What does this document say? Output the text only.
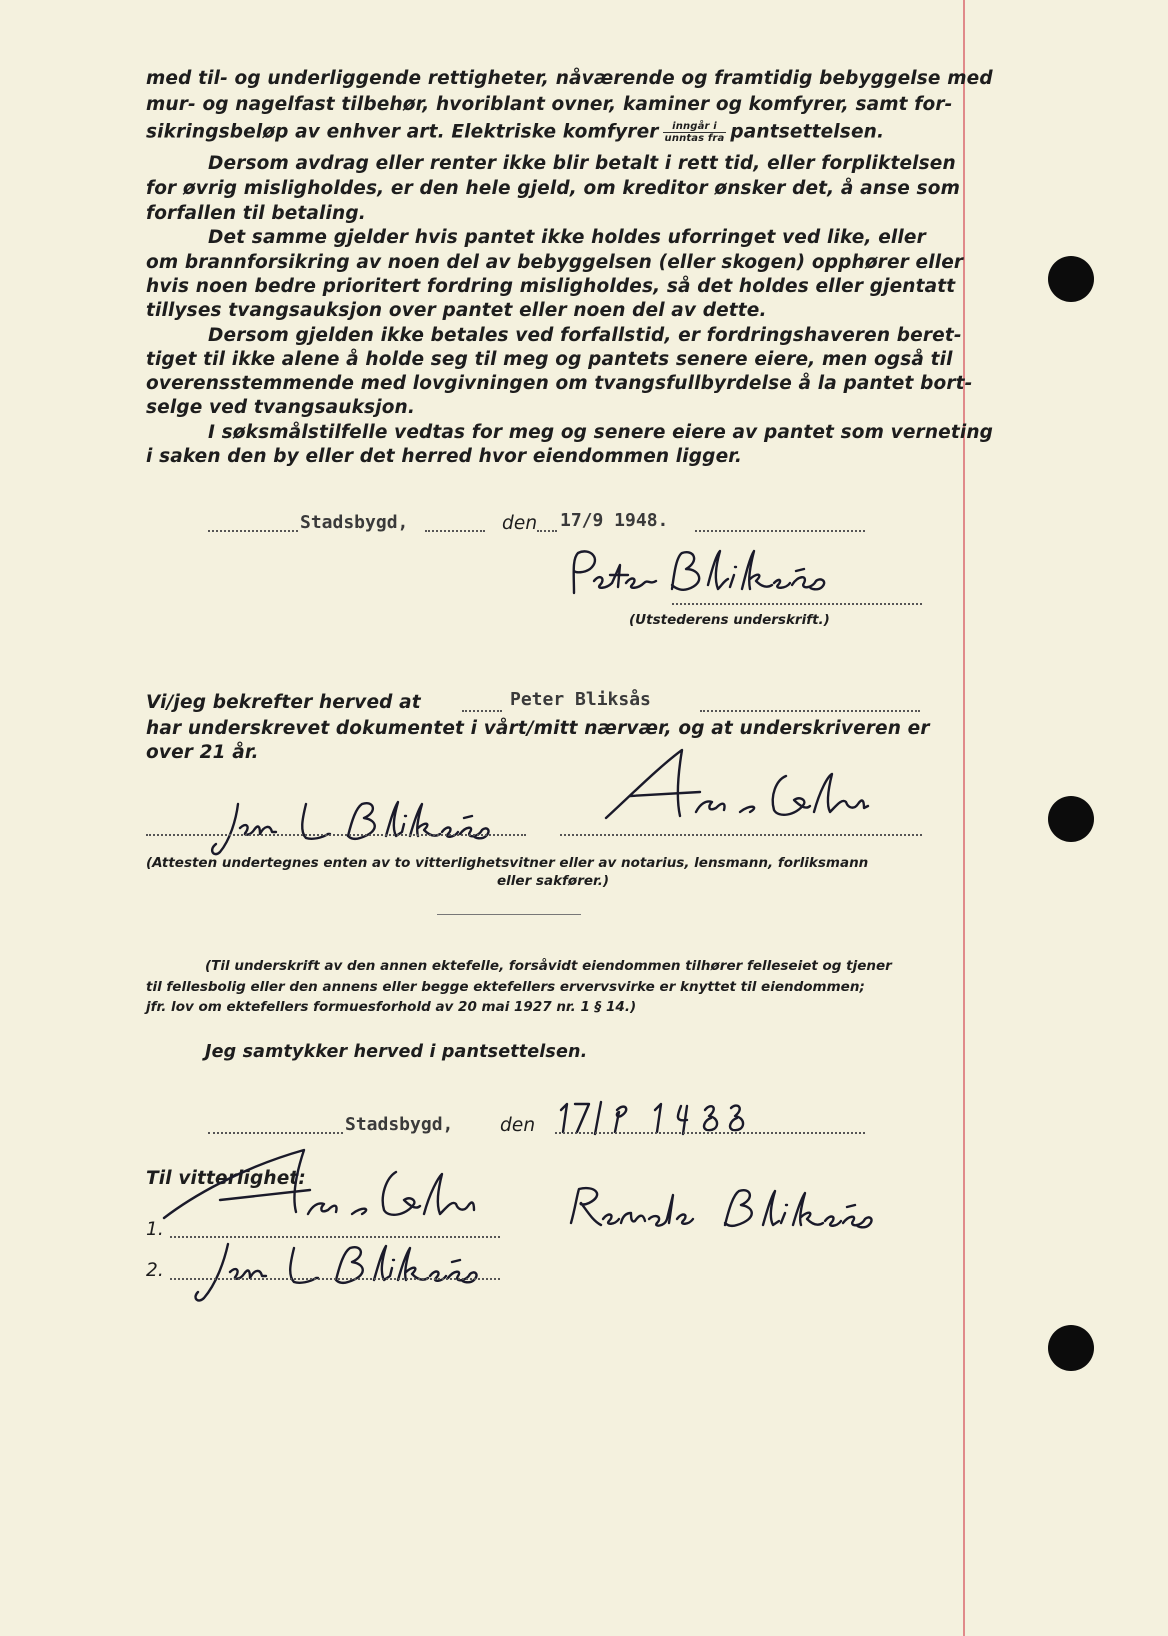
med til- og underliggende rettigheter, nåværende og framtidig bebyggelse med
mur- og nagelfast tilbehør, hvoriblant ovner, kaminer og komfyrer, samt for-
sikringsbeløp av enhver art. Elektriske komfyrer $\frac{\text{inngår i}}{\text{unntas fra}}$ pantsettelsen.
Dersom avdrag eller renter ikke blir betalt i rett tid, eller forpliktelsen
for øvrig misligholdes, er den hele gjeld, om kreditor ønsker det, å anse som
forfallen til betaling.
Det samme gjelder hvis pantet ikke holdes uforringet ved like, eller
om brannforsikring av noen del av bebyggelsen (eller skogen) opphører eller
hvis noen bedre prioritert fordring misligholdes, så det holdes eller gjentatt
tillyses tvangsauksjon over pantet eller noen del av dette.
Dersom gjelden ikke betales ved forfallstid, er fordringshaveren beret-
tiget til ikke alene å holde seg til meg og pantets senere eiere, men også til
overensstemmende med lovgivningen om tvangsfullbyrdelse å la pantet bort-
selge ved tvangsauksjon.
I søksmålstilfelle vedtas for meg og senere eiere av pantet som verneting
i saken den by eller det herred hvor eiendommen ligger.
Stadsbygd,	den 17/9 1948.
(Utstederens underskrift.)
Vi/jeg bekrefter herved at	Peter Bliksås
har underskrevet dokumentet i vårt/mitt nærvær, og at underskriveren er
over 21 år.
(Attesten undertegnes enten av to vitterlighetsvitner eller av notarius, lensmann, forliksmann
eller sakfører.)
(Til underskrift av den annen ektefelle, forsåvidt eiendommen tilhører felleseiet og tjener
til fellesbolig eller den annens eller begge ektefellers ervervsvirke er knyttet til eiendommen;
jfr. lov om ektefellers formuesforhold av 20 mai 1927 nr. 1 § 14.)
Jeg samtykker herved i pantsettelsen.
Stadsbygd,	den
Til vitterlighet:
1.
2.
